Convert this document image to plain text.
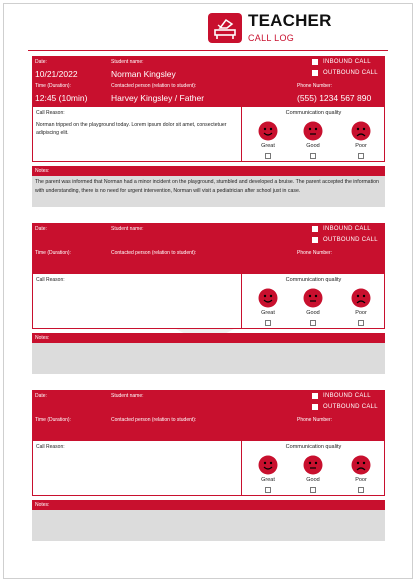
TEACHER
CALL LOG
Date:	Student name:	INBOUND CALL
10/21/2022	Norman Kingsley	OUTBOUND CALL
Time (Duration):	Contacted person (relation to student):	Phone Number:
12:45 (10min)	Harvey Kingsley / Father	(555) 1234 567 890
Call Reason:
Norman tripped on the playground today. Lorem ipsum dolor sit amet, consectetuer adipiscing elit.
Communication quality
Great	Good	Poor
Notes:
The parent was informed that Norman had a minor incident on the playground, stumbled and developed a bruise. The parent accepted the information with understanding, there is no need for urgent intervention, Norman will visit a pediatrician after school just in case.
Date:	Student name:	INBOUND CALL
OUTBOUND CALL
Time (Duration):	Contacted person (relation to student):	Phone Number:
Call Reason:	Communication quality
Great	Good	Poor
Notes:
Date:	Student name:	INBOUND CALL
OUTBOUND CALL
Time (Duration):	Contacted person (relation to student):	Phone Number:
Call Reason:	Communication quality
Great	Good	Poor
Notes:
